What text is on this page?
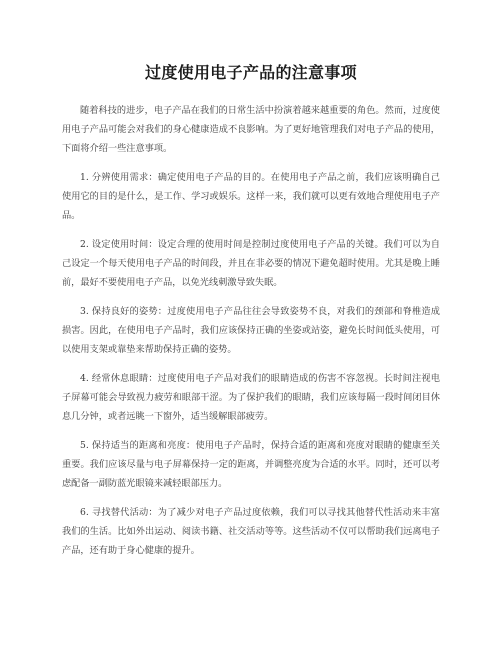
过度使用电子产品的注意事项

随着科技的进步，电子产品在我们的日常生活中扮演着越来越重要的角色。然而，过度使用电子产品可能会对我们的身心健康造成不良影响。为了更好地管理我们对电子产品的使用，下面将介绍一些注意事项。

1. 分辨使用需求：确定使用电子产品的目的。在使用电子产品之前，我们应该明确自己使用它的目的是什么，是工作、学习或娱乐。这样一来，我们就可以更有效地合理使用电子产品。

2. 设定使用时间：设定合理的使用时间是控制过度使用电子产品的关键。我们可以为自己设定一个每天使用电子产品的时间段，并且在非必要的情况下避免超时使用。尤其是晚上睡前，最好不要使用电子产品，以免光线刺激导致失眠。

3. 保持良好的姿势：过度使用电子产品往往会导致姿势不良，对我们的颈部和脊椎造成损害。因此，在使用电子产品时，我们应该保持正确的坐姿或站姿，避免长时间低头使用，可以使用支架或靠垫来帮助保持正确的姿势。

4. 经常休息眼睛：过度使用电子产品对我们的眼睛造成的伤害不容忽视。长时间注视电子屏幕可能会导致视力疲劳和眼部干涩。为了保护我们的眼睛，我们应该每隔一段时间闭目休息几分钟，或者远眺一下窗外，适当缓解眼部疲劳。

5. 保持适当的距离和亮度：使用电子产品时，保持合适的距离和亮度对眼睛的健康至关重要。我们应该尽量与电子屏幕保持一定的距离，并调整亮度为合适的水平。同时，还可以考虑配备一副防蓝光眼镜来减轻眼部压力。

6. 寻找替代活动：为了减少对电子产品过度依赖，我们可以寻找其他替代性活动来丰富我们的生活。比如外出运动、阅读书籍、社交活动等等。这些活动不仅可以帮助我们远离电子产品，还有助于身心健康的提升。
